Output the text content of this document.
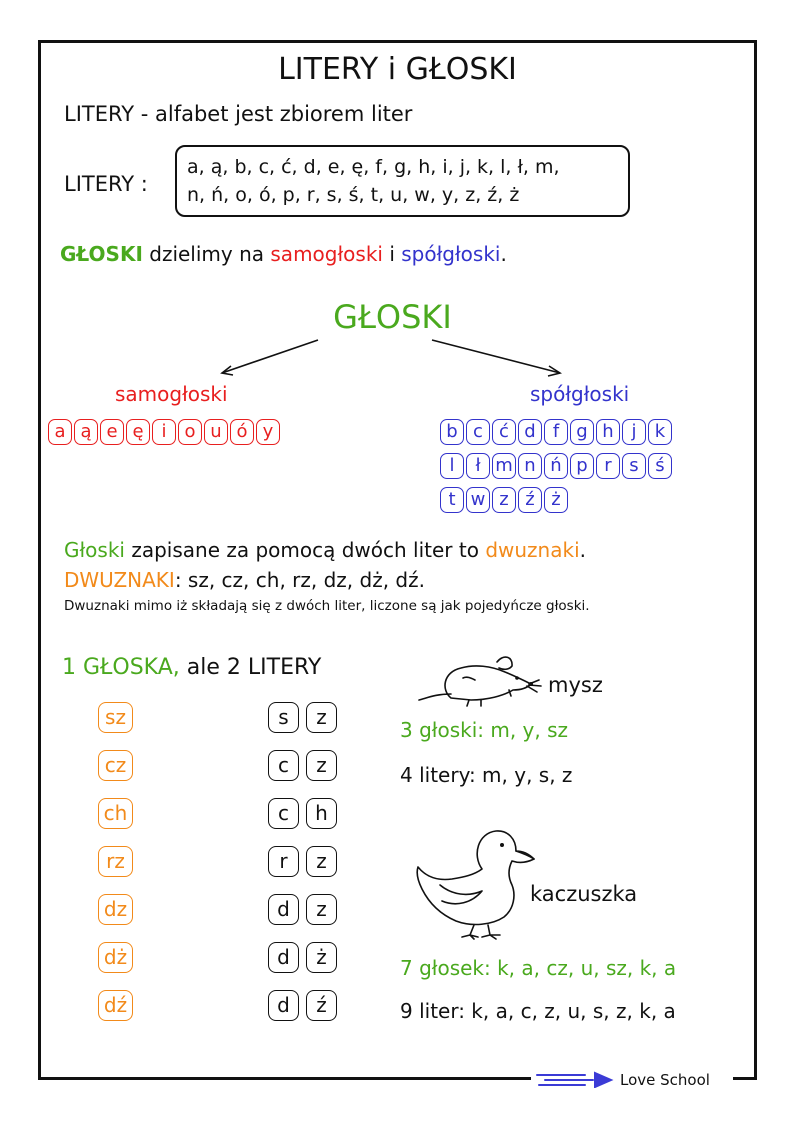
LITERY i GŁOSKI
LITERY - alfabet jest zbiorem liter
LITERY :
a, ą, b, c, ć, d, e, ę, f, g, h, i, j, k, l, ł, m,
n, ń, o, ó, p, r, s, ś, t, u, w, y, z, ź, ż
GŁOSKI dzielimy na samogłoski i spółgłoski.
GŁOSKI
samogłoski	spółgłoski
a ą e ę i o u ó y	b c ć d f g h j k
l ł m n ń p r s ś
t w z ź ż
Głoski zapisane za pomocą dwóch liter to dwuznaki.
DWUZNAKI: sz, cz, ch, rz, dz, dż, dź.
Dwuznaki mimo iż składają się z dwóch liter, liczone są jak pojedyńcze głoski.
1 GŁOSKA, ale 2 LITERY
sz	s z
cz	c z
ch	c h
rz	r z
dz	d z
dż	d ż
dź	d ź
mysz
3 głoski: m, y, sz
4 litery: m, y, s, z
kaczuszka
7 głosek: k, a, cz, u, sz, k, a
9 liter: k, a, c, z, u, s, z, k, a
Love School
